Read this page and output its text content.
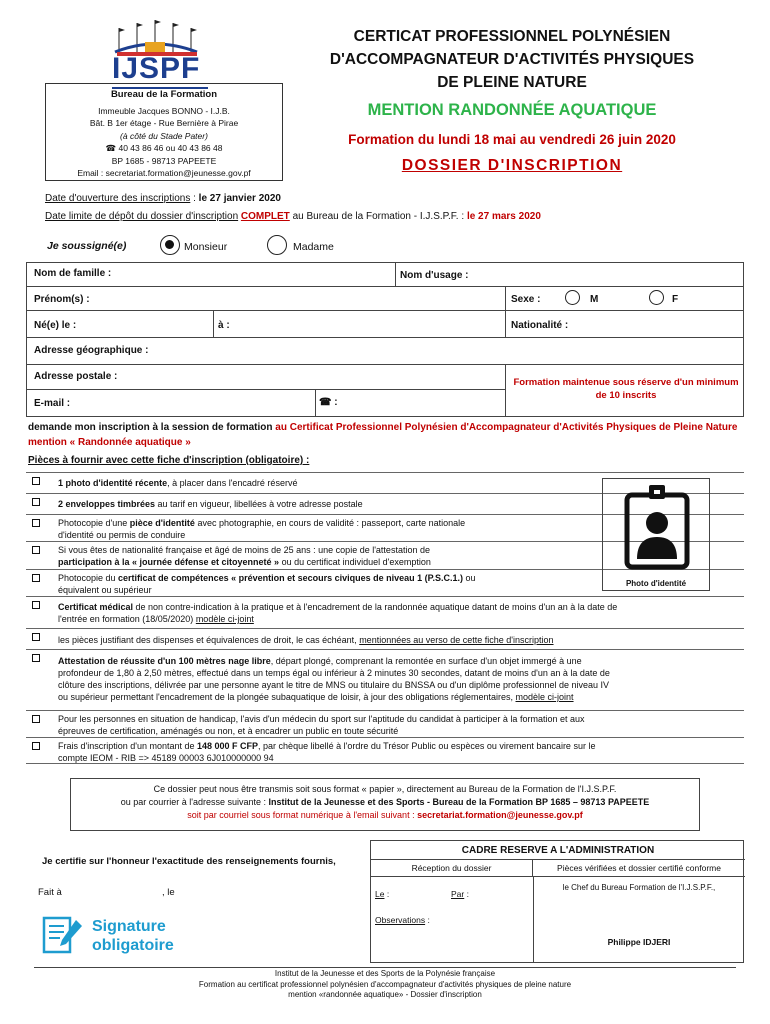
IJSPF
Bureau de la Formation
Immeuble Jacques BONNO - I.J.B.
Bât. B 1er étage - Rue Bernière à Pirae
(à côté du Stade Pater)
☎ 40 43 86 46 ou 40 43 86 48
BP 1685 - 98713 PAPEETE
Email : secretariat.formation@jeunesse.gov.pf
CERTICAT PROFESSIONNEL POLYNÉSIEN
D'ACCOMPAGNATEUR D'ACTIVITÉS PHYSIQUES
DE PLEINE NATURE
MENTION RANDONNÉE AQUATIQUE
Formation du lundi 18 mai au vendredi 26 juin 2020
DOSSIER D'INSCRIPTION
Date d'ouverture des inscriptions : le 27 janvier 2020
Date limite de dépôt du dossier d'inscription COMPLET au Bureau de la Formation - I.J.S.P.F. : le 27 mars 2020
Je soussigné(e)	Monsieur	Madame
Nom de famille :	Nom d'usage :
Prénom(s) :	Sexe :	M	F
Né(e) le :	à :	Nationalité :
Adresse géographique :
Adresse postale :
E-mail :	☎ :
Formation maintenue sous réserve d'un minimum de 10 inscrits
demande mon inscription à la session de formation au Certificat Professionnel Polynésien d'Accompagnateur d'Activités Physiques de Pleine Nature mention « Randonnée aquatique »
Pièces à fournir avec cette fiche d'inscription (obligatoire) :
1 photo d'identité récente, à placer dans l'encadré réservé
2 enveloppes timbrées au tarif en vigueur, libellées à votre adresse postale
Photocopie d'une pièce d'identité avec photographie, en cours de validité : passeport, carte nationale
d'identité ou permis de conduire
Si vous êtes de nationalité française et âgé de moins de 25 ans : une copie de l'attestation de
participation à la « journée défense et citoyenneté » ou du certificat individuel d'exemption
Photocopie du certificat de compétences « prévention et secours civiques de niveau 1 (P.S.C.1.) ou
équivalent ou supérieur
Certificat médical de non contre-indication à la pratique et à l'encadrement de la randonnée aquatique datant de moins d'un an à la date de
l'entrée en formation (18/05/2020) modèle ci-joint
les pièces justifiant des dispenses et équivalences de droit, le cas échéant, mentionnées au verso de cette fiche d'inscription
Attestation de réussite d'un 100 mètres nage libre, départ plongé, comprenant la remontée en surface d'un objet immergé à une
profondeur de 1,80 à 2,50 mètres, effectué dans un temps égal ou inférieur à 2 minutes 30 secondes, datant de moins d'un an à la date de
clôture des inscriptions, délivrée par une personne ayant le titre de MNS ou titulaire du BNSSA ou d'un diplôme professionnel de niveau IV
ou supérieur permettant l'encadrement de la plongée subaquatique de loisir, à jour des obligations réglementaires, modèle ci-joint
Pour les personnes en situation de handicap, l'avis d'un médecin du sport sur l'aptitude du candidat à participer à la formation et aux
épreuves de certification, aménagés ou non, et à encadrer un public en toute sécurité
Frais d'inscription d'un montant de 148 000 F CFP, par chèque libellé à l'ordre du Trésor Public ou espèces ou virement bancaire sur le
compte IEOM - RIB => 45189 00003 6J010000000 94
Photo d'identité
Ce dossier peut nous être transmis soit sous format « papier », directement au Bureau de la Formation de l'I.J.S.P.F.
ou par courrier à l'adresse suivante : Institut de la Jeunesse et des Sports - Bureau de la Formation BP 1685 – 98713 PAPEETE
soit par courriel sous format numérique à l'email suivant : secretariat.formation@jeunesse.gov.pf
Je certifie sur l'honneur l'exactitude des renseignements fournis,
Fait à	, le
Signature
obligatoire
CADRE RESERVE A L'ADMINISTRATION
Réception du dossier	Pièces vérifiées et dossier certifié conforme
Le :	Par :
Observations :
le Chef du Bureau Formation de l'I.J.S.P.F.,
Philippe IDJERI
Institut de la Jeunesse et des Sports de la Polynésie française
Formation au certificat professionnel polynésien d'accompagnateur d'activités physiques de pleine nature
mention «randonnée aquatique» - Dossier d'inscription
